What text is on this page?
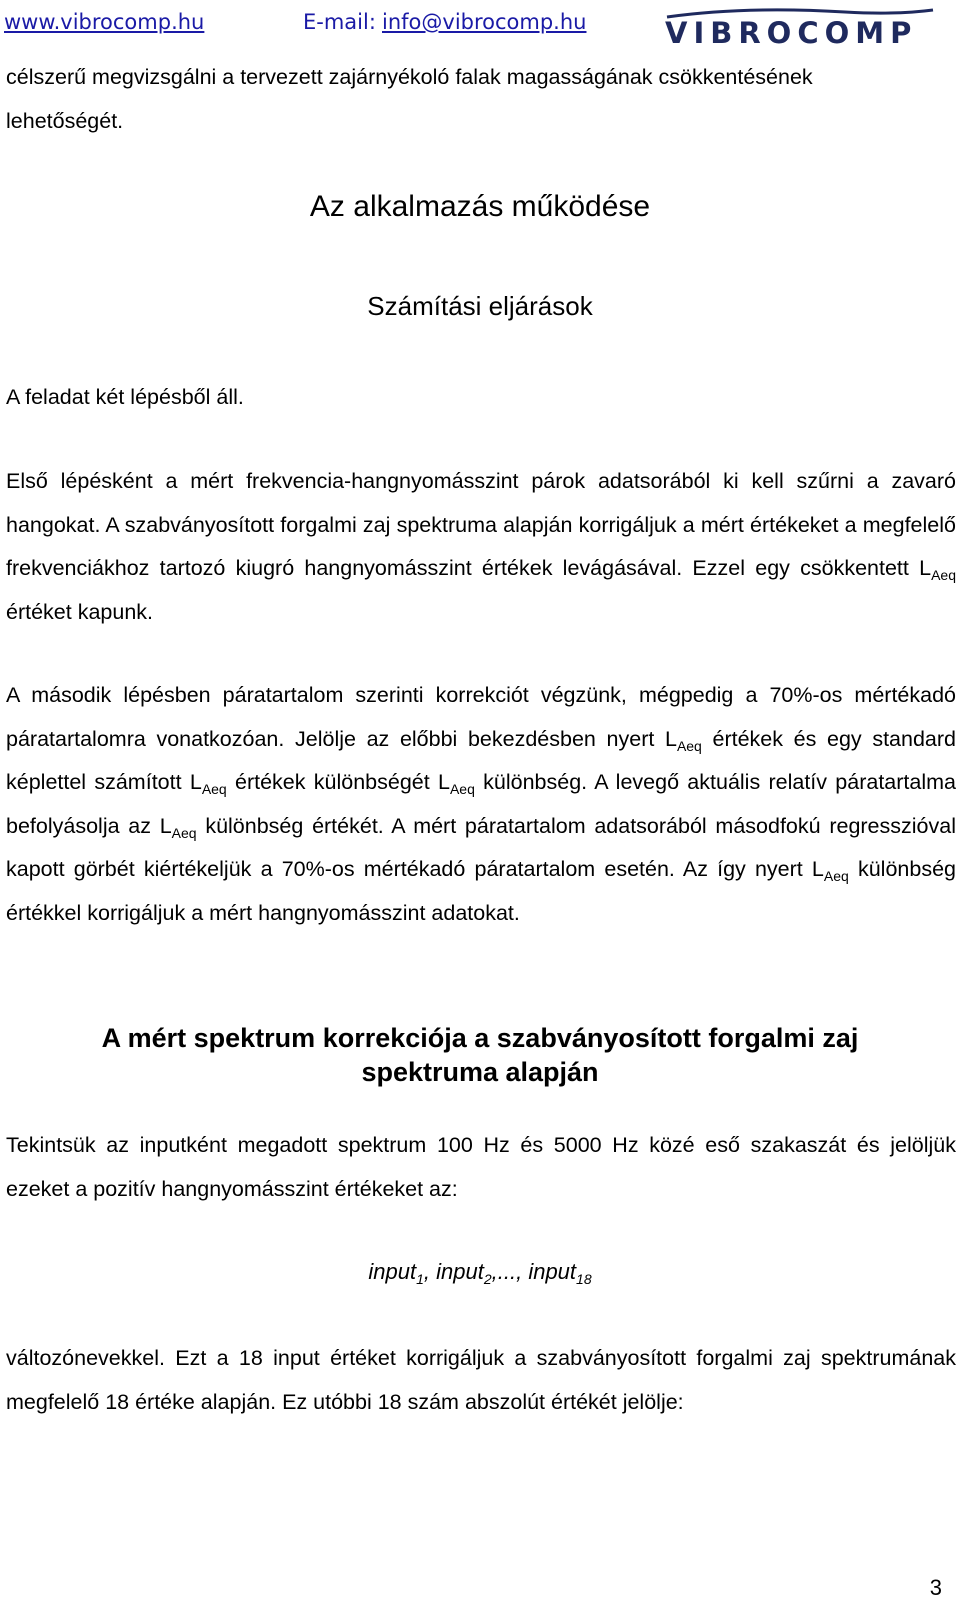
www.vibrocomp.hu	E-mail: info@vibrocomp.hu	VIBROCOMP
célszerű megvizsgálni a tervezett zajárnyékoló falak magasságának csökkentésének
lehetőségét.
Az alkalmazás működése
Számítási eljárások
A feladat két lépésből áll.
Első lépésként a mért frekvencia-hangnyomásszint párok adatsorából ki kell szűrni a zavaró hangokat. A szabványosított forgalmi zaj spektruma alapján korrigáljuk a mért értékeket a megfelelő frekvenciákhoz tartozó kiugró hangnyomásszint értékek levágásával. Ezzel egy csökkentett $L_{Aeq}$ értéket kapunk.
A második lépésben páratartalom szerinti korrekciót végzünk, mégpedig a 70%-os mértékadó páratartalomra vonatkozóan. Jelölje az előbbi bekezdésben nyert $L_{Aeq}$ értékek és egy standard képlettel számított $L_{Aeq}$ értékek különbségét $L_{Aeq}$ különbség. A levegő aktuális relatív páratartalma befolyásolja az $L_{Aeq}$ különbség értékét. A mért páratartalom adatsorából másodfokú regresszióval kapott görbét kiértékeljük a 70%-os mértékadó páratartalom esetén. Az így nyert $L_{Aeq}$ különbség értékkel korrigáljuk a mért hangnyomásszint adatokat.
A mért spektrum korrekciója a szabványosított forgalmi zaj
spektruma alapján
Tekintsük az inputként megadott spektrum 100 Hz és 5000 Hz közé eső szakaszát és jelöljük ezeket a pozitív hangnyomásszint értékeket az:
input$_1$, input$_2$,..., input$_{18}$
változónevekkel. Ezt a 18 input értéket korrigáljuk a szabványosított forgalmi zaj spektrumának megfelelő 18 értéke alapján. Ez utóbbi 18 szám abszolút értékét jelölje:
3
